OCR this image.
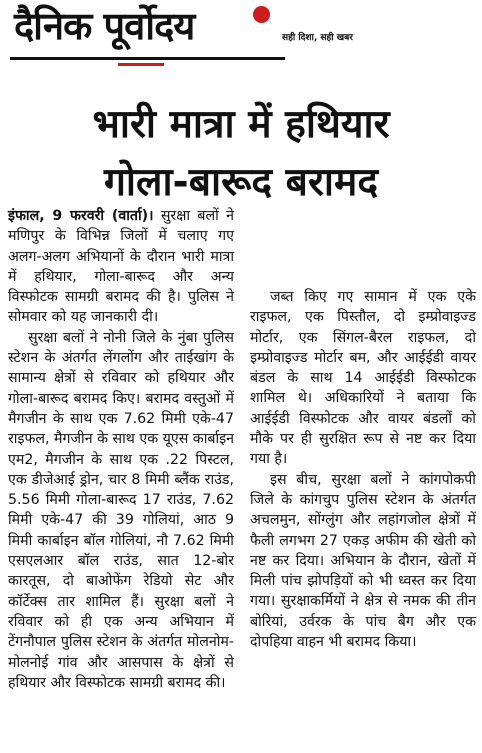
दैनिक पूर्वोदय	सही दिशा, सही खबर
भारी मात्रा में हथियार
गोला-बारूद बरामद

इंफाल, 9 फरवरी (वार्ता)। सुरक्षा बलों ने मणिपुर के विभिन्न जिलों में चलाए गए अलग-अलग अभियानों के दौरान भारी मात्रा में हथियार, गोला-बारूद और अन्य विस्फोटक सामग्री बरामद की है। पुलिस ने सोमवार को यह जानकारी दी।

सुरक्षा बलों ने नोनी जिले के नुंबा पुलिस स्टेशन के अंतर्गत लेंगलोंग और ताईखांग के सामान्य क्षेत्रों से रविवार को हथियार और गोला-बारूद बरामद किए। बरामद वस्तुओं में मैगजीन के साथ एक 7.62 मिमी एके-47 राइफल, मैगजीन के साथ एक यूएस कार्बाइन एम2, मैगजीन के साथ एक .22 पिस्टल, एक डीजेआई ड्रोन, चार 8 मिमी ब्लैंक राउंड, 5.56 मिमी गोला-बारूद 17 राउंड, 7.62 मिमी एके-47 की 39 गोलियां, आठ 9 मिमी कार्बाइन बॉल गोलियां, नौ 7.62 मिमी एसएलआर बॉल राउंड, सात 12-बोर कारतूस, दो बाओफेंग रेडियो सेट और कॉर्टेक्स तार शामिल हैं। सुरक्षा बलों ने रविवार को ही एक अन्य अभियान में टेंगनौपाल पुलिस स्टेशन के अंतर्गत मोलनोम-मोलनोई गांव और आसपास के क्षेत्रों से हथियार और विस्फोटक सामग्री बरामद की।

जब्त किए गए सामान में एक एके राइफल, एक पिस्तौल, दो इम्प्रोवाइज्ड मोर्टार, एक सिंगल-बैरल राइफल, दो इम्प्रोवाइज्ड मोर्टार बम, और आईईडी वायर बंडल के साथ 14 आईईडी विस्फोटक शामिल थे। अधिकारियों ने बताया कि आईईडी विस्फोटक और वायर बंडलों को मौके पर ही सुरक्षित रूप से नष्ट कर दिया गया है।

इस बीच, सुरक्षा बलों ने कांगपोकपी जिले के कांगचुप पुलिस स्टेशन के अंतर्गत अचलमुन, सोंग्लुंग और लहांगजोल क्षेत्रों में फैली लगभग 27 एकड़ अफीम की खेती को नष्ट कर दिया। अभियान के दौरान, खेतों में मिली पांच झोपड़ियों को भी ध्वस्त कर दिया गया। सुरक्षाकर्मियों ने क्षेत्र से नमक की तीन बोरियां, उर्वरक के पांच बैग और एक दोपहिया वाहन भी बरामद किया।
